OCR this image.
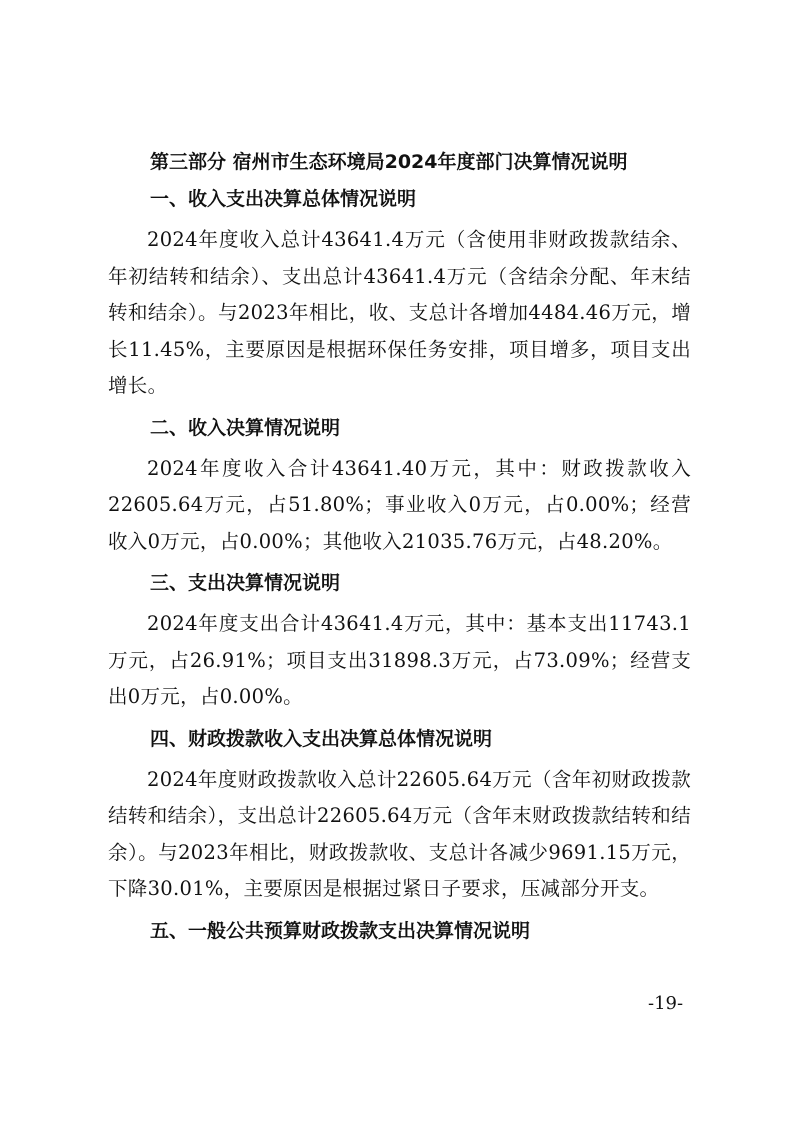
第三部分 宿州市生态环境局2024年度部门决算情况说明
一、收入支出决算总体情况说明

2024年度收入总计43641.4万元（含使用非财政拨款结余、年初结转和结余）、支出总计43641.4万元（含结余分配、年末结转和结余）。与2023年相比，收、支总计各增加4484.46万元，增长11.45%，主要原因是根据环保任务安排，项目增多，项目支出增长。

二、收入决算情况说明

2024年度收入合计43641.40万元，其中：财政拨款收入22605.64万元，占51.80%；事业收入0万元，占0.00%；经营收入0万元，占0.00%；其他收入21035.76万元，占48.20%。

三、支出决算情况说明

2024年度支出合计43641.4万元，其中：基本支出11743.1万元，占26.91%；项目支出31898.3万元，占73.09%；经营支出0万元，占0.00%。

四、财政拨款收入支出决算总体情况说明

2024年度财政拨款收入总计22605.64万元（含年初财政拨款结转和结余），支出总计22605.64万元（含年末财政拨款结转和结余）。与2023年相比，财政拨款收、支总计各减少9691.15万元，下降30.01%，主要原因是根据过紧日子要求，压减部分开支。

五、一般公共预算财政拨款支出决算情况说明
-19-
